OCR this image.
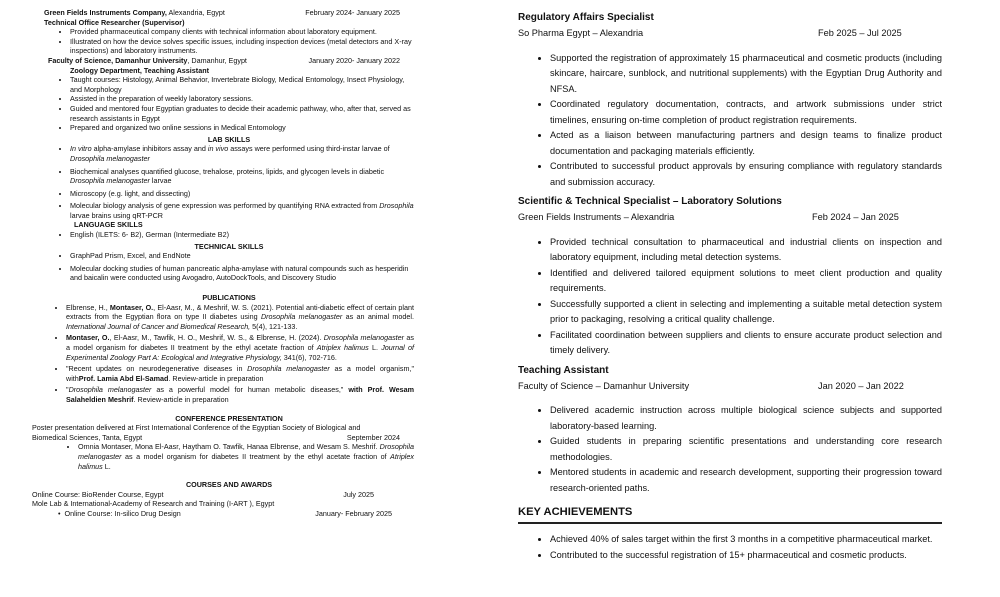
Green Fields Instruments Company, Alexandria, Egypt	February 2024- January 2025
Technical Office Researcher (Supervisor)
• Provided pharmaceutical company clients with technical information about laboratory equipment.
• Illustrated on how the device solves specific issues, including inspection devices (metal detectors and X-ray inspections) and laboratory instruments.
Faculty of Science, Damanhur University, Damanhur, Egypt	January 2020- January 2022
Zoology Department, Teaching Assistant
• Taught courses: Histology, Animal Behavior, Invertebrate Biology, Medical Entomology, Insect Physiology, and Morphology
• Assisted in the preparation of weekly laboratory sessions.
• Guided and mentored four Egyptian graduates to decide their academic pathway, who, after that, served as research assistants in Egypt
• Prepared and organized two online sessions in Medical Entomology
LAB SKILLS
• In vitro alpha-amylase inhibitors assay and in vivo assays were performed using third-instar larvae of Drosophila melanogaster
• Biochemical analyses quantified glucose, trehalose, proteins, lipids, and glycogen levels in diabetic Drosophila melanogaster larvae
• Microscopy (e.g. light, and dissecting)
• Molecular biology analysis of gene expression was performed by quantifying RNA extracted from Drosophila larvae brains using qRT-PCR
LANGUAGE SKILLS
• English (ILETS: 6- B2), German (Intermediate B2)
TECHNICAL SKILLS
• GraphPad Prism, Excel, and EndNote
• Molecular docking studies of human pancreatic alpha-amylase with natural compounds such as hesperidin and baicalin were conducted using Avogadro, AutoDockTools, and Discovery Studio
PUBLICATIONS
• Elbrense, H., Montaser, O., El-Aasr, M., & Meshrif, W. S. (2021). Potential anti-diabetic effect of certain plant extracts from the Egyptian flora on type II diabetes using Drosophila melanogaster as an animal model. International Journal of Cancer and Biomedical Research, 5(4), 121-133.
• Montaser, O., El-Aasr, M., Tawfik, H. O., Meshrif, W. S., & Elbrense, H. (2024). Drosophila melanogaster as a model organism for diabetes II treatment by the ethyl acetate fraction of Atriplex halimus L. Journal of Experimental Zoology Part A: Ecological and Integrative Physiology, 341(6), 702-716.
• "Recent updates on neurodegenerative diseases in Drosophila melanogaster as a model organism," withProf. Lamia Abd El-Samad. Review-article in preparation
• "Drosophila melanogaster as a powerful model for human metabolic diseases," with Prof. Wesam Salaheldien Meshrif. Review-article in preparation
CONFERENCE PRESENTATION
Poster presentation delivered at First International Conference of the Egyptian Society of Biological and
Biomedical Sciences, Tanta, Egypt	September 2024
• Omnia Montaser, Mona El-Aasr, Haytham O. Tawfik, Hanaa Elbrense, and Wesam S. Meshrif. Drosophila melanogaster as a model organism for diabetes II treatment by the ethyl acetate fraction of Atriplex halimus L.
COURSES AND AWARDS
Online Course: BioRender Course, Egypt	July 2025
Mole Lab & International-Academy of Research and Training (I-ART ), Egypt
•  Online Course: In-silico Drug Design	January- February 2025
Regulatory Affairs Specialist
So Pharma Egypt – Alexandria	Feb 2025 – Jul 2025
• Supported the registration of approximately 15 pharmaceutical and cosmetic products (including skincare, haircare, sunblock, and nutritional supplements) with the Egyptian Drug Authority and NFSA.
• Coordinated regulatory documentation, contracts, and artwork submissions under strict timelines, ensuring on-time completion of product registration requirements.
• Acted as a liaison between manufacturing partners and design teams to finalize product documentation and packaging materials efficiently.
• Contributed to successful product approvals by ensuring compliance with regulatory standards and submission accuracy.
Scientific & Technical Specialist – Laboratory Solutions
Green Fields Instruments – Alexandria	Feb 2024 – Jan 2025
• Provided technical consultation to pharmaceutical and industrial clients on inspection and laboratory equipment, including metal detection systems.
• Identified and delivered tailored equipment solutions to meet client production and quality requirements.
• Successfully supported a client in selecting and implementing a suitable metal detection system prior to packaging, resolving a critical quality challenge.
• Facilitated coordination between suppliers and clients to ensure accurate product selection and timely delivery.
Teaching Assistant
Faculty of Science – Damanhur University	Jan 2020 – Jan 2022
• Delivered academic instruction across multiple biological science subjects and supported laboratory-based learning.
• Guided students in preparing scientific presentations and understanding core research methodologies.
• Mentored students in academic and research development, supporting their progression toward research-oriented paths.
KEY ACHIEVEMENTS
• Achieved 40% of sales target within the first 3 months in a competitive pharmaceutical market.
• Contributed to the successful registration of 15+ pharmaceutical and cosmetic products.
